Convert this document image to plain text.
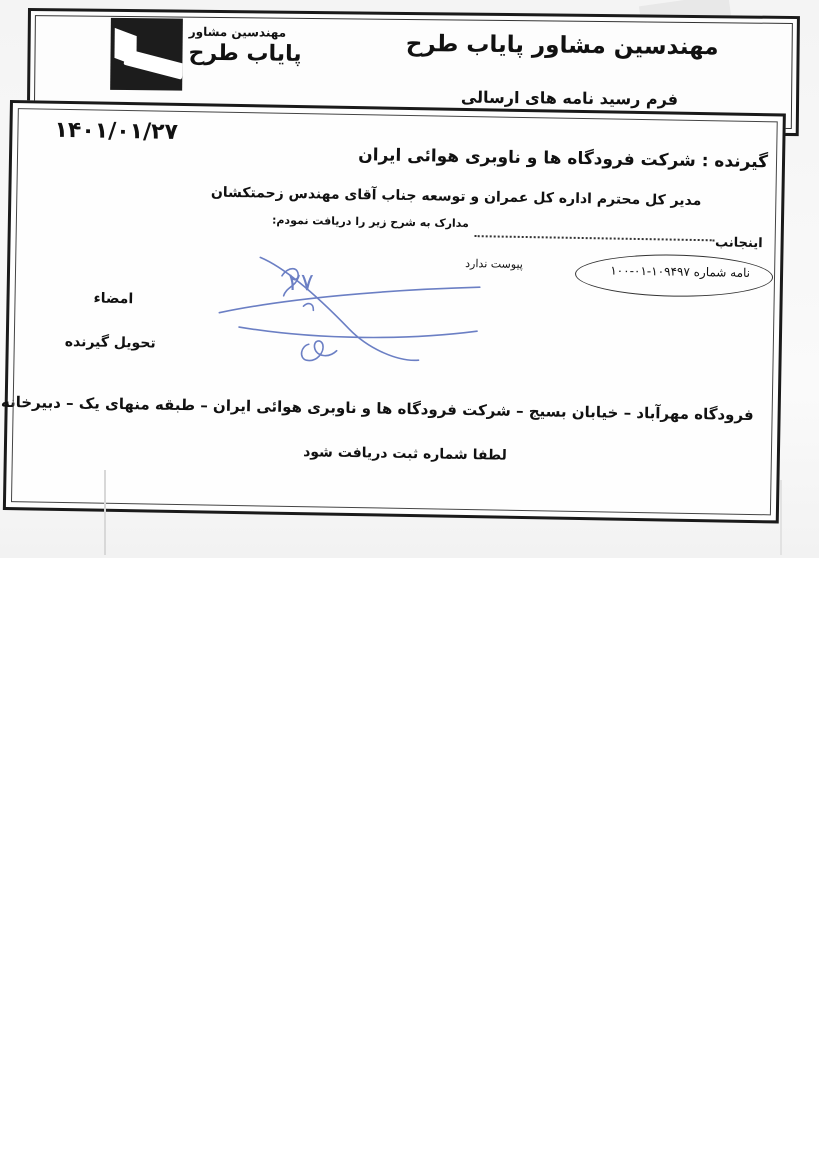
مهندسین مشاور
پایاب طرح	مهندسین مشاور پایاب طرح
فرم رسید نامه های ارسالی
۱۴۰۱/۰۱/۲۷
گیرنده : شرکت فرودگاه ها و ناوبری هوائی ایران
مدیر کل محترم اداره کل عمران و توسعه جناب آقای مهندس زحمتکشان
اینجانب
مدارک به شرح زیر را دریافت نمودم:
پیوست ندارد	نامه شماره ۱۰۹۴۹۷-۰۱-۱۰۰
۲۷
امضاء
تحویل گیرنده
فرودگاه مهرآباد – خیابان بسیج – شرکت فرودگاه ها و ناوبری هوائی ایران – طبقه منهای یک – دبیرخانه
لطفا شماره ثبت دریافت شود
